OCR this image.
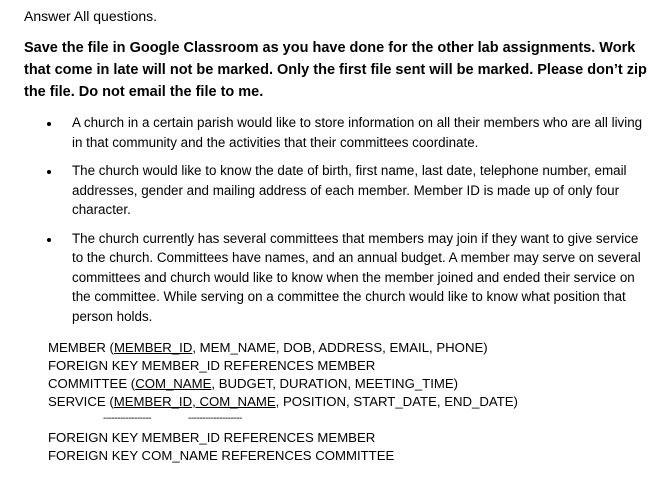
Answer All questions.
Save the file in Google Classroom as you have done for the other lab assignments. Work that come in late will not be marked. Only the first file sent will be marked. Please don’t zip the file. Do not email the file to me.
A church in a certain parish would like to store information on all their members who are all living in that community and the activities that their committees coordinate.
The church would like to know the date of birth, first name, last date, telephone number, email addresses, gender and mailing address of each member. Member ID is made up of only four character.
The church currently has several committees that members may join if they want to give service to the church. Committees have names, and an annual budget. A member may serve on several committees and church would like to know when the member joined and ended their service on the committee. While serving on a committee the church would like to know what position that person holds.
MEMBER (MEMBER_ID, MEM_NAME, DOB, ADDRESS, EMAIL, PHONE)
FOREIGN KEY MEMBER_ID REFERENCES MEMBER
COMMITTEE (COM_NAME, BUDGET, DURATION, MEETING_TIME)
SERVICE (MEMBER_ID, COM_NAME, POSITION, START_DATE, END_DATE)
-----------------	-------------------
FOREIGN KEY MEMBER_ID REFERENCES MEMBER
FOREIGN KEY COM_NAME REFERENCES COMMITTEE
